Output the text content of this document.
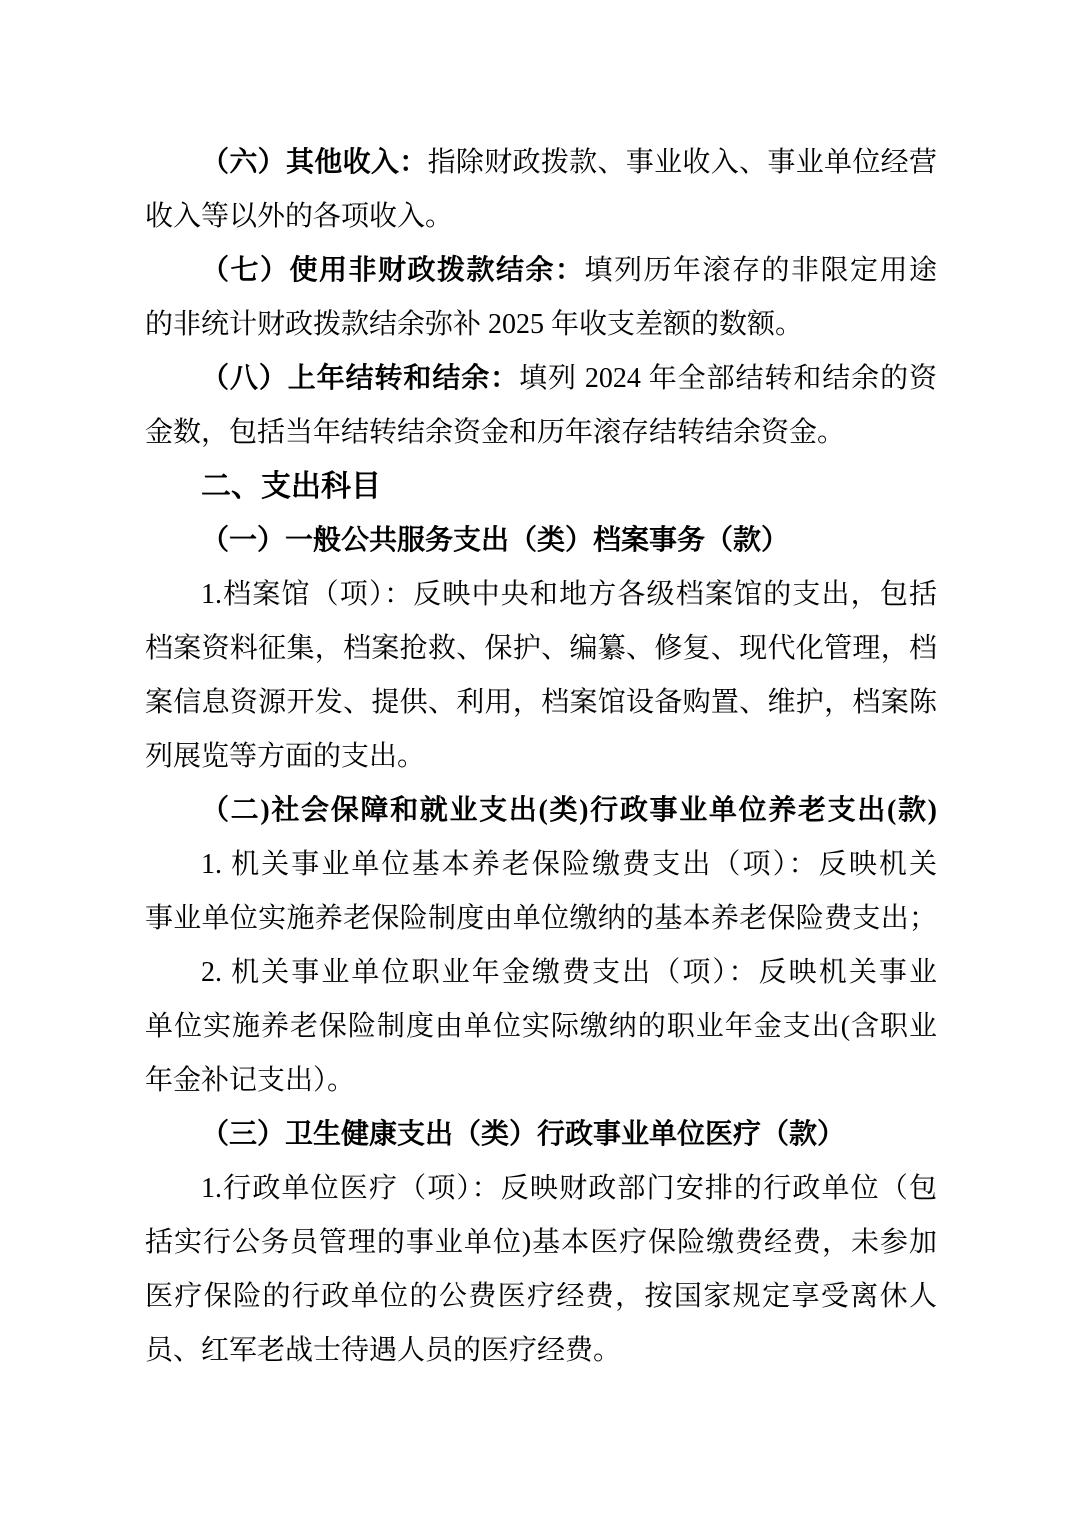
（六）其他收入：指除财政拨款、事业收入、事业单位经营
收入等以外的各项收入。
（七）使用非财政拨款结余：填列历年滚存的非限定用途
的非统计财政拨款结余弥补 2025 年收支差额的数额。
（八）上年结转和结余：填列 2024 年全部结转和结余的资
金数，包括当年结转结余资金和历年滚存结转结余资金。
二、支出科目
（一）一般公共服务支出（类）档案事务（款）
1.档案馆（项）：反映中央和地方各级档案馆的支出，包括
档案资料征集，档案抢救、保护、编纂、修复、现代化管理，档
案信息资源开发、提供、利用，档案馆设备购置、维护，档案陈
列展览等方面的支出。
（二)社会保障和就业支出(类)行政事业单位养老支出(款)
1. 机关事业单位基本养老保险缴费支出（项）：反映机关
事业单位实施养老保险制度由单位缴纳的基本养老保险费支出；
2. 机关事业单位职业年金缴费支出（项）：反映机关事业
单位实施养老保险制度由单位实际缴纳的职业年金支出(含职业
年金补记支出）。
（三）卫生健康支出（类）行政事业单位医疗（款）
1.行政单位医疗（项）：反映财政部门安排的行政单位（包
括实行公务员管理的事业单位)基本医疗保险缴费经费，未参加
医疗保险的行政单位的公费医疗经费，按国家规定享受离休人
员、红军老战士待遇人员的医疗经费。
